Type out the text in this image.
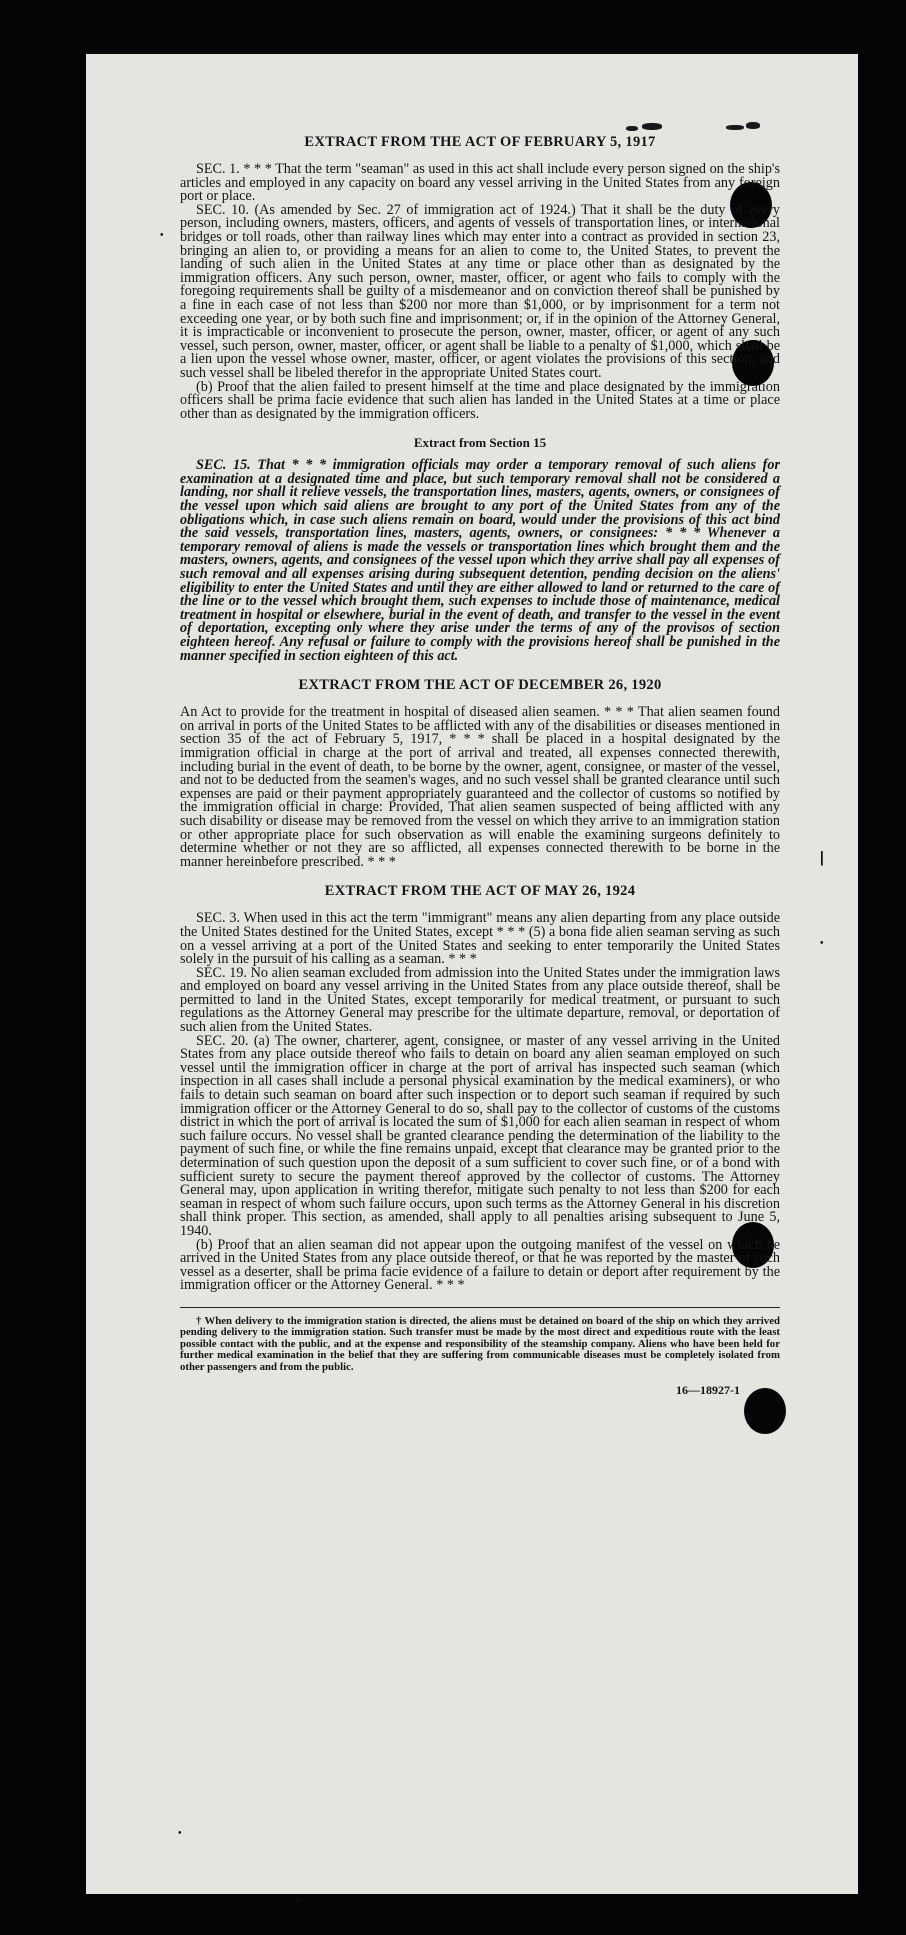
•
❘
•
•
•
EXTRACT FROM THE ACT OF FEBRUARY 5, 1917

SEC. 1. * * * That the term "seaman" as used in this act shall include every person signed on the ship's articles and employed in any capacity on board any vessel arriving in the United States from any foreign port or place.

SEC. 10. (As amended by Sec. 27 of immigration act of 1924.) That it shall be the duty of every person, including owners, masters, officers, and agents of vessels of transportation lines, or international bridges or toll roads, other than railway lines which may enter into a contract as provided in section 23, bringing an alien to, or providing a means for an alien to come to, the United States, to prevent the landing of such alien in the United States at any time or place other than as designated by the immigration officers. Any such person, owner, master, officer, or agent who fails to comply with the foregoing requirements shall be guilty of a misdemeanor and on conviction thereof shall be punished by a fine in each case of not less than $200 nor more than $1,000, or by imprisonment for a term not exceeding one year, or by both such fine and imprisonment; or, if in the opinion of the Attorney General, it is impracticable or inconvenient to prosecute the person, owner, master, officer, or agent of any such vessel, such person, owner, master, officer, or agent shall be liable to a penalty of $1,000, which shall be a lien upon the vessel whose owner, master, officer, or agent violates the provisions of this section, and such vessel shall be libeled therefor in the appropriate United States court.

(b) Proof that the alien failed to present himself at the time and place designated by the immigration officers shall be prima facie evidence that such alien has landed in the United States at a time or place other than as designated by the immigration officers.

Extract from Section 15

SEC. 15. That * * * immigration officials may order a temporary removal of such aliens for examination at a designated time and place, but such temporary removal shall not be considered a landing, nor shall it relieve vessels, the transportation lines, masters, agents, owners, or consignees of the vessel upon which said aliens are brought to any port of the United States from any of the obligations which, in case such aliens remain on board, would under the provisions of this act bind the said vessels, transportation lines, masters, agents, owners, or consignees: * * * Whenever a temporary removal of aliens is made the vessels or transportation lines which brought them and the masters, owners, agents, and consignees of the vessel upon which they arrive shall pay all expenses of such removal and all expenses arising during subsequent detention, pending decision on the aliens' eligibility to enter the United States and until they are either allowed to land or returned to the care of the line or to the vessel which brought them, such expenses to include those of maintenance, medical treatment in hospital or elsewhere, burial in the event of death, and transfer to the vessel in the event of deportation, excepting only where they arise under the terms of any of the provisos of section eighteen hereof. Any refusal or failure to comply with the provisions hereof shall be punished in the manner specified in section eighteen of this act.

EXTRACT FROM THE ACT OF DECEMBER 26, 1920

An Act to provide for the treatment in hospital of diseased alien seamen. * * * That alien seamen found on arrival in ports of the United States to be afflicted with any of the disabilities or diseases mentioned in section 35 of the act of February 5, 1917, * * * shall be placed in a hospital designated by the immigration official in charge at the port of arrival and treated, all expenses connected therewith, including burial in the event of death, to be borne by the owner, agent, consignee, or master of the vessel, and not to be deducted from the seamen's wages, and no such vessel shall be granted clearance until such expenses are paid or their payment appropriately guaranteed and the collector of customs so notified by the immigration official in charge: Provided, That alien seamen suspected of being afflicted with any such disability or disease may be removed from the vessel on which they arrive to an immigration station or other appropriate place for such observation as will enable the examining surgeons definitely to determine whether or not they are so afflicted, all expenses connected therewith to be borne in the manner hereinbefore prescribed. * * *

EXTRACT FROM THE ACT OF MAY 26, 1924

SEC. 3. When used in this act the term "immigrant" means any alien departing from any place outside the United States destined for the United States, except * * * (5) a bona fide alien seaman serving as such on a vessel arriving at a port of the United States and seeking to enter temporarily the United States solely in the pursuit of his calling as a seaman. * * *

SEC. 19. No alien seaman excluded from admission into the United States under the immigration laws and employed on board any vessel arriving in the United States from any place outside thereof, shall be permitted to land in the United States, except temporarily for medical treatment, or pursuant to such regulations as the Attorney General may prescribe for the ultimate departure, removal, or deportation of such alien from the United States.

SEC. 20. (a) The owner, charterer, agent, consignee, or master of any vessel arriving in the United States from any place outside thereof who fails to detain on board any alien seaman employed on such vessel until the immigration officer in charge at the port of arrival has inspected such seaman (which inspection in all cases shall include a personal physical examination by the medical examiners), or who fails to detain such seaman on board after such inspection or to deport such seaman if required by such immigration officer or the Attorney General to do so, shall pay to the collector of customs of the customs district in which the port of arrival is located the sum of $1,000 for each alien seaman in respect of whom such failure occurs. No vessel shall be granted clearance pending the determination of the liability to the payment of such fine, or while the fine remains unpaid, except that clearance may be granted prior to the determination of such question upon the deposit of a sum sufficient to cover such fine, or of a bond with sufficient surety to secure the payment thereof approved by the collector of customs. The Attorney General may, upon application in writing therefor, mitigate such penalty to not less than $200 for each seaman in respect of whom such failure occurs, upon such terms as the Attorney General in his discretion shall think proper. This section, as amended, shall apply to all penalties arising subsequent to June 5, 1940.

(b) Proof that an alien seaman did not appear upon the outgoing manifest of the vessel on which he arrived in the United States from any place outside thereof, or that he was reported by the master of such vessel as a deserter, shall be prima facie evidence of a failure to detain or deport after requirement by the immigration officer or the Attorney General. * * *

† When delivery to the immigration station is directed, the aliens must be detained on board of the ship on which they arrived pending delivery to the immigration station. Such transfer must be made by the most direct and expeditious route with the least possible contact with the public, and at the expense and responsibility of the steamship company. Aliens who have been held for further medical examination in the belief that they are suffering from communicable diseases must be completely isolated from other passengers and from the public.

16—18927-1
